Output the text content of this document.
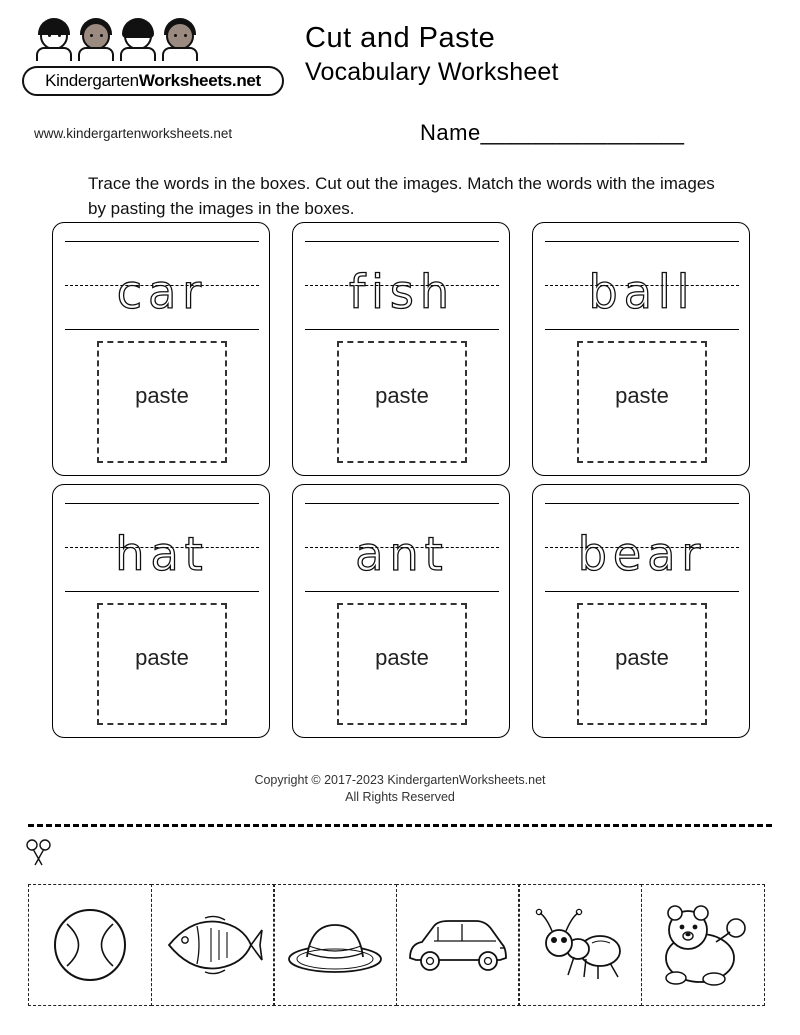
KindergartenWorksheets.net
www.kindergartenworksheets.net
Cut and Paste
Vocabulary Worksheet
Name________________
Trace the words in the boxes. Cut out the images. Match the words with the images by pasting the images in the boxes.
car
paste
fish
paste
ball
paste
hat
paste
ant
paste
bear
paste
Copyright © 2017-2023 KindergartenWorksheets.net
All Rights Reserved
